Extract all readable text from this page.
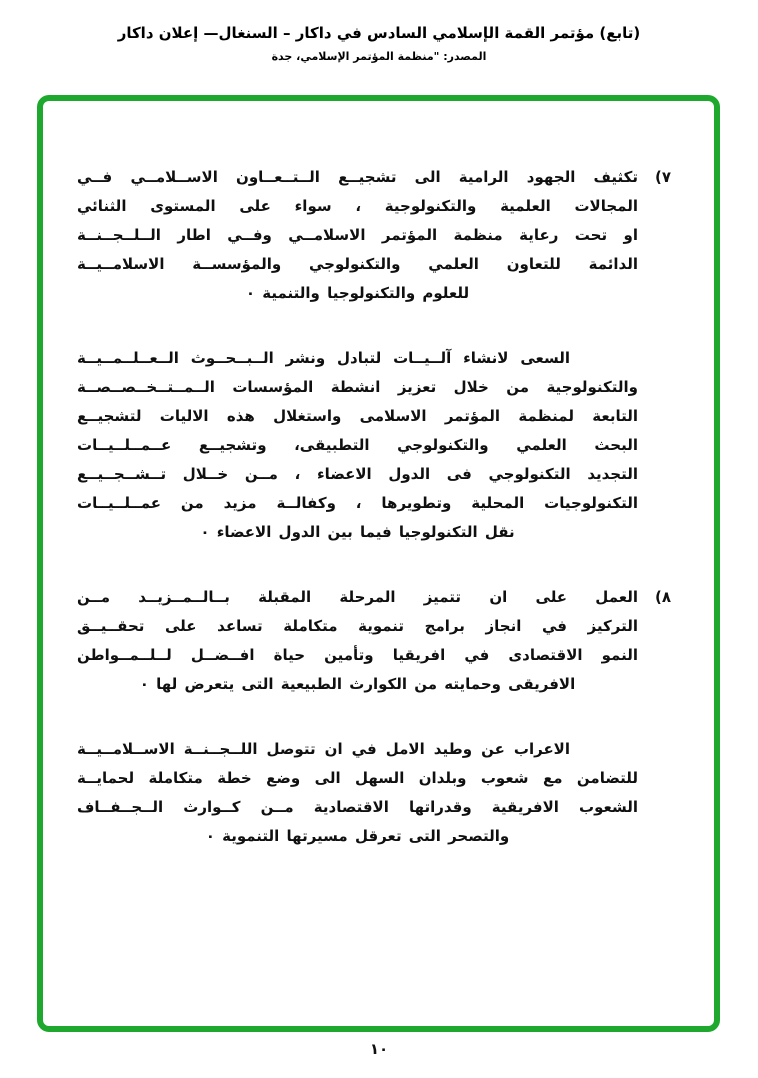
(تابع) مؤتمر القمة الإسلامي السادس في داكار – السنغال— إعلان داكار
المصدر: "منظمة المؤتمر الإسلامي، جدة
٧)
تكثيف الجهود الرامية الى تشجيــع الــتــعــاون الاســلامــي فــي
المجالات العلمية والتكنولوجية ، سواء على المستوى الثنائي
او تحت رعاية منظمة المؤتمر الاسلامــي وفــي اطار الــلــجــنــة
الدائمة للتعاون العلمي والتكنولوجي والمؤسســة الاسلامــيــة
للعلوم والتكنولوجيا والتنمية ٠
السعى لانشاء آلــيــات لتبادل ونشر الــبــحــوث الــعــلــمــيــة
والتكنولوجية من خلال تعزيز انشطة المؤسسات الــمــتــخــصــصــة
التابعة لمنظمة المؤتمر الاسلامى واستغلال هذه الاليات لتشجيــع
البحث العلمي والتكنولوجي التطبيقى، وتشجيــع عــمــلــيــات
التجديد التكنولوجي فى الدول الاعضاء ، مــن خــلال تــشــجــيــع
التكنولوجيات المحلية وتطويرها ، وكفالــة مزيد من عمــلــيــات
نقل التكنولوجيا فيما بين الدول الاعضاء ٠
٨)
العمل على ان تتميز المرحلة المقبلة بــالــمــزيــد مــن
التركيز في انجاز برامج تنموية متكاملة تساعد على تحقــيــق
النمو الاقتصادى في افريقيا وتأمين حياة افــضــل لــلــمــواطن
الافريقى وحمايته من الكوارث الطبيعية التى يتعرض لها ٠
الاعراب عن وطيد الامل في ان تتوصل اللــجــنــة الاســلامــيــة
للتضامن مع شعوب وبلدان السهل الى وضع خطة متكاملة لحمايــة
الشعوب الافريقية وقدراتها الاقتصادية مــن كــوارث الــجــفــاف
والتصحر التى تعرقل مسيرتها التنموية ٠
١٠
